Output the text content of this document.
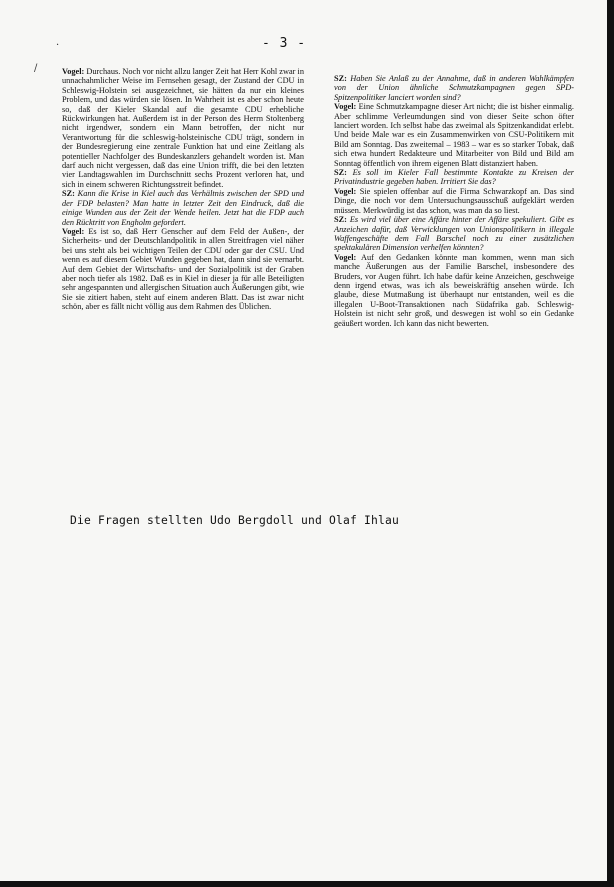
·
/
- 3 -

Vogel: Durchaus. Noch vor nicht allzu langer Zeit hat Herr Kohl zwar in unnachahmlicher Weise im Fernsehen gesagt, der Zustand der CDU in Schleswig-Holstein sei ausgezeichnet, sie hätten da nur ein kleines Problem, und das würden sie lösen. In Wahrheit ist es aber schon heute so, daß der Kieler Skandal auf die gesamte CDU erhebliche Rückwirkungen hat. Außerdem ist in der Person des Herrn Stoltenberg nicht irgendwer, sondern ein Mann betroffen, der nicht nur Verantwortung für die schleswig-holsteinische CDU trägt, sondern in der Bundesregierung eine zentrale Funktion hat und eine Zeitlang als potentieller Nachfolger des Bundeskanzlers gehandelt worden ist. Man darf auch nicht vergessen, daß das eine Union trifft, die bei den letzten vier Landtagswahlen im Durchschnitt sechs Prozent verloren hat, und sich in einem schweren Richtungsstreit befindet.

SZ: Kann die Krise in Kiel auch das Verhältnis zwischen der SPD und der FDP belasten? Man hatte in letzter Zeit den Eindruck, daß die einige Wunden aus der Zeit der Wende heilen. Jetzt hat die FDP auch den Rücktritt von Engholm gefordert.

Vogel: Es ist so, daß Herr Genscher auf dem Feld der Außen-, der Sicherheits- und der Deutschlandpolitik in allen Streitfragen viel näher bei uns steht als bei wichtigen Teilen der CDU oder gar der CSU. Und wenn es auf diesem Gebiet Wunden gegeben hat, dann sind sie vernarbt. Auf dem Gebiet der Wirtschafts- und der Sozialpolitik ist der Graben aber noch tiefer als 1982. Daß es in Kiel in dieser ja für alle Beteiligten sehr angespannten und allergischen Situation auch Äußerungen gibt, wie Sie sie zitiert haben, steht auf einem anderen Blatt. Das ist zwar nicht schön, aber es fällt nicht völlig aus dem Rahmen des Üblichen.

SZ: Haben Sie Anlaß zu der Annahme, daß in anderen Wahlkämpfen von der Union ähnliche Schmutzkampagnen gegen SPD-Spitzenpolitiker lanciert worden sind?

Vogel: Eine Schmutzkampagne dieser Art nicht; die ist bisher einmalig. Aber schlimme Verleumdungen sind von dieser Seite schon öfter lanciert worden. Ich selbst habe das zweimal als Spitzenkandidat erlebt. Und beide Male war es ein Zusammenwirken von CSU-Politikern mit Bild am Sonntag. Das zweitemal – 1983 – war es so starker Tobak, daß sich etwa hundert Redakteure und Mitarbeiter von Bild und Bild am Sonntag öffentlich von ihrem eigenen Blatt distanziert haben.

SZ: Es soll im Kieler Fall bestimmte Kontakte zu Kreisen der Privatindustrie gegeben haben. Irritiert Sie das?

Vogel: Sie spielen offenbar auf die Firma Schwarzkopf an. Das sind Dinge, die noch vor dem Untersuchungsausschuß aufgeklärt werden müssen. Merkwürdig ist das schon, was man da so liest.

SZ: Es wird viel über eine Affäre hinter der Affäre spekuliert. Gibt es Anzeichen dafür, daß Verwicklungen von Unionspolitikern in illegale Waffengeschäfte dem Fall Barschel noch zu einer zusätzlichen spektakulären Dimension verhelfen könnten?

Vogel: Auf den Gedanken könnte man kommen, wenn man sich manche Äußerungen aus der Familie Barschel, insbesondere des Bruders, vor Augen führt. Ich habe dafür keine Anzeichen, geschweige denn irgend etwas, was ich als beweiskräftig ansehen würde. Ich glaube, diese Mutmaßung ist überhaupt nur entstanden, weil es die illegalen U-Boot-Transaktionen nach Südafrika gab. Schleswig-Holstein ist nicht sehr groß, und deswegen ist wohl so ein Gedanke geäußert worden. Ich kann das nicht bewerten.

Die Fragen stellten Udo Bergdoll und Olaf Ihlau
